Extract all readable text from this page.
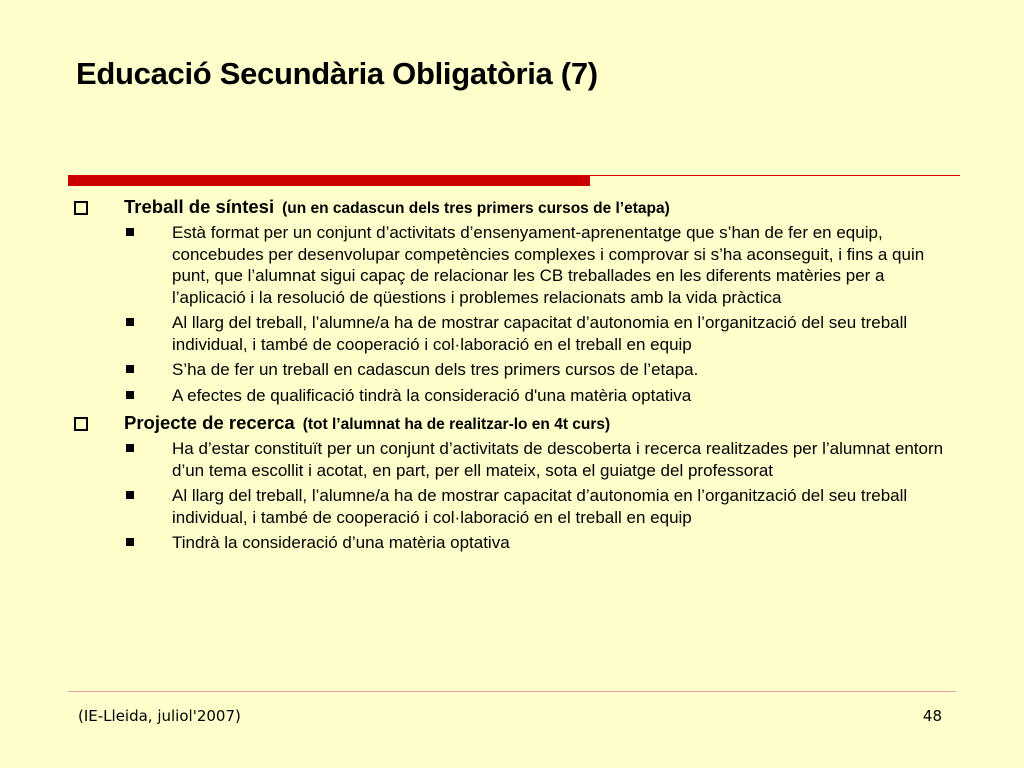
Educació Secundària Obligatòria (7)
Treball de síntesi (un en cadascun dels tres primers cursos de l’etapa)
Està format per un conjunt d’activitats d’ensenyament-aprenentatge que s’han de fer en equip, concebudes per desenvolupar competències complexes i comprovar si s’ha aconseguit, i fins a quin punt, que l’alumnat sigui capaç de relacionar les CB treballades en les diferents matèries per a l’aplicació i la resolució de qüestions i problemes relacionats amb la vida pràctica
Al llarg del treball, l’alumne/a ha de mostrar capacitat d’autonomia en l’organització del seu treball individual, i també de cooperació i col·laboració en el treball en equip
S’ha de fer un treball en cadascun dels tres primers cursos de l’etapa.
A efectes de qualificació tindrà la consideració d'una matèria optativa
Projecte de recerca (tot l’alumnat ha de realitzar-lo en 4t curs)
Ha d’estar constituït per un conjunt d’activitats de descoberta i recerca realitzades per l’alumnat entorn d’un tema escollit i acotat, en part, per ell mateix, sota el guiatge del professorat
Al llarg del treball, l’alumne/a ha de mostrar capacitat d’autonomia en l’organització del seu treball individual, i també de cooperació i col·laboració en el treball en equip
Tindrà la consideració d’una matèria optativa
(IE-Lleida, juliol'2007)	48
